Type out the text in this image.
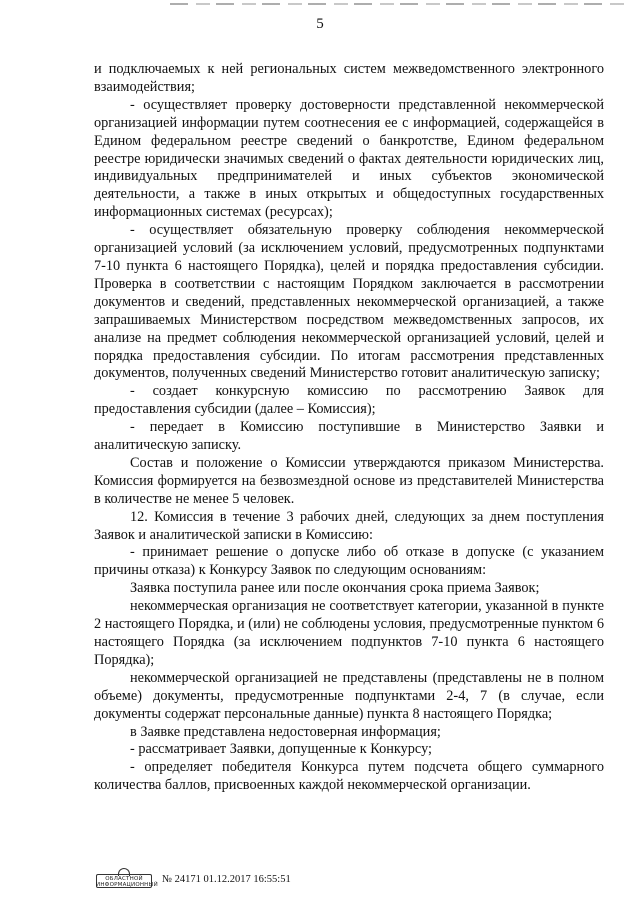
5

и подключаемых к ней региональных систем межведомственного электронного взаимодействия;

- осуществляет проверку достоверности представленной некоммерческой организацией информации путем соотнесения ее с информацией, содержащейся в Едином федеральном реестре сведений о банкротстве, Едином федеральном реестре юридически значимых сведений о фактах деятельности юридических лиц, индивидуальных предпринимателей и иных субъектов экономической деятельности, а также в иных открытых и общедоступных государственных информационных системах (ресурсах);

- осуществляет обязательную проверку соблюдения некоммерческой организацией условий (за исключением условий, предусмотренных подпунктами 7-10 пункта 6 настоящего Порядка), целей и порядка предоставления субсидии. Проверка в соответствии с настоящим Порядком заключается в рассмотрении документов и сведений, представленных некоммерческой организацией, а также запрашиваемых Министерством посредством межведомственных запросов, их анализе на предмет соблюдения некоммерческой организацией условий, целей и порядка предоставления субсидии. По итогам рассмотрения представленных документов, полученных сведений Министерство готовит аналитическую записку;

- создает конкурсную комиссию по рассмотрению Заявок для предоставления субсидии (далее – Комиссия);

- передает в Комиссию поступившие в Министерство Заявки и аналитическую записку.

Состав и положение о Комиссии утверждаются приказом Министерства. Комиссия формируется на безвозмездной основе из представителей Министерства в количестве не менее 5 человек.

12. Комиссия в течение 3 рабочих дней, следующих за днем поступления Заявок и аналитической записки в Комиссию:

- принимает решение о допуске либо об отказе в допуске (с указанием причины отказа) к Конкурсу Заявок по следующим основаниям:

Заявка поступила ранее или после окончания срока приема Заявок;

некоммерческая организация не соответствует категории, указанной в пункте 2 настоящего Порядка, и (или) не соблюдены условия, предусмотренные пунктом 6 настоящего Порядка (за исключением подпунктов 7-10 пункта 6 настоящего Порядка);

некоммерческой организацией не представлены (представлены не в полном объеме) документы, предусмотренные подпунктами 2-4, 7 (в случае, если документы содержат персональные данные) пункта 8 настоящего Порядка;

в Заявке представлена недостоверная информация;

- рассматривает Заявки, допущенные к Конкурсу;

- определяет победителя Конкурса путем подсчета общего суммарного количества баллов, присвоенных каждой некоммерческой организации.

ОБЛАСТНОЙ ИНФОРМАЦИОННЫЙ № 24171 01.12.2017 16:55:51
